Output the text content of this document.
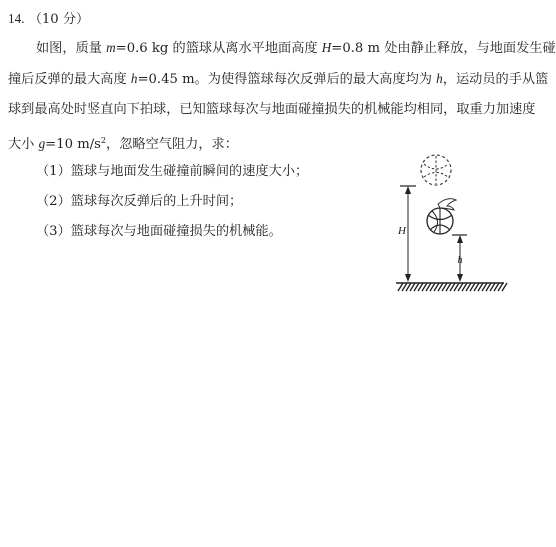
14. （10 分）
如图，质量 m=0.6 kg 的篮球从离水平地面高度 H=0.8 m 处由静止释放，与地面发生碰
撞后反弹的最大高度 h=0.45 m。为使得篮球每次反弹后的最大高度均为 h，运动员的手从篮
球到最高处时竖直向下拍球，已知篮球每次与地面碰撞损失的机械能均相同，取重力加速度
大小 g=10 $m/s^2$，忽略空气阻力，求：
（1）篮球与地面发生碰撞前瞬间的速度大小；
（2）篮球每次反弹后的上升时间；
（3）篮球每次与地面碰撞损失的机械能。	H
h
